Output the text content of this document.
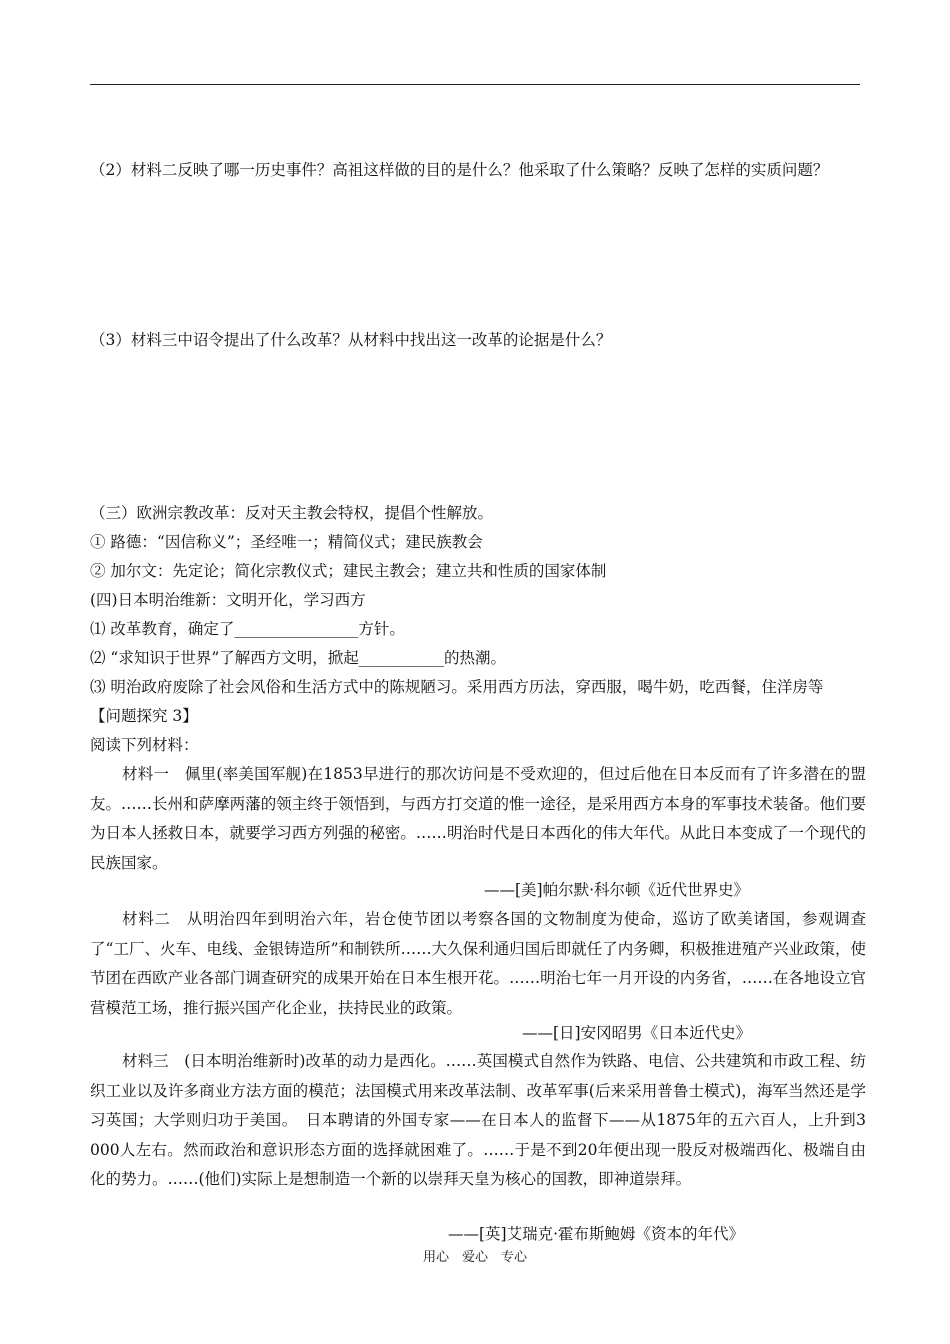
（2）材料二反映了哪一历史事件？高祖这样做的目的是什么？他采取了什么策略？反映了怎样的实质问题？
（3）材料三中诏令提出了什么改革？从材料中找出这一改革的论据是什么？
（三）欧洲宗教改革：反对天主教会特权，提倡个性解放。
① 路德：“因信称义”；圣经唯一；精简仪式；建民族教会
② 加尔文：先定论；简化宗教仪式；建民主教会；建立共和性质的国家体制
(四)日本明治维新：文明开化，学习西方
⑴ 改革教育，确定了________________方针。
⑵ “求知识于世界”了解西方文明，掀起___________的热潮。
⑶ 明治政府废除了社会风俗和生活方式中的陈规陋习。采用西方历法，穿西服，喝牛奶，吃西餐，住洋房等
【问题探究 3】
阅读下列材料：

材料一　佩里(率美国军舰)在1853早进行的那次访问是不受欢迎的，但过后他在日本反而有了许多潜在的盟友。……长州和萨摩两藩的领主终于领悟到，与西方打交道的惟一途径，是采用西方本身的军事技术装备。他们要为日本人拯救日本，就要学习西方列强的秘密。……明治时代是日本西化的伟大年代。从此日本变成了一个现代的民族国家。

——[美]帕尔默·科尔顿《近代世界史》

材料二　从明治四年到明治六年，岩仓使节团以考察各国的文物制度为使命，巡访了欧美诸国，参观调查了“工厂、火车、电线、金银铸造所”和制铁所……大久保利通归国后即就任了内务卿，积极推进殖产兴业政策，使节团在西欧产业各部门调查研究的成果开始在日本生根开花。……明治七年一月开设的内务省，……在各地设立官营模范工场，推行振兴国产化企业，扶持民业的政策。

——[日]安冈昭男《日本近代史》

材料三　(日本明治维新时)改革的动力是西化。……英国模式自然作为铁路、电信、公共建筑和市政工程、纺织工业以及许多商业方法方面的模范；法国模式用来改革法制、改革军事(后来采用普鲁士模式)，海军当然还是学习英国；大学则归功于美国。　日本聘请的外国专家——在日本人的监督下——从1875年的五六百人，上升到3 000人左右。然而政治和意识形态方面的选择就困难了。……于是不到20年便出现一股反对极端西化、极端自由化的势力。……(他们)实际上是想制造一个新的以崇拜天皇为核心的国教，即神道崇拜。

——[英]艾瑞克·霍布斯鲍姆《资本的年代》
用心　爱心　专心
